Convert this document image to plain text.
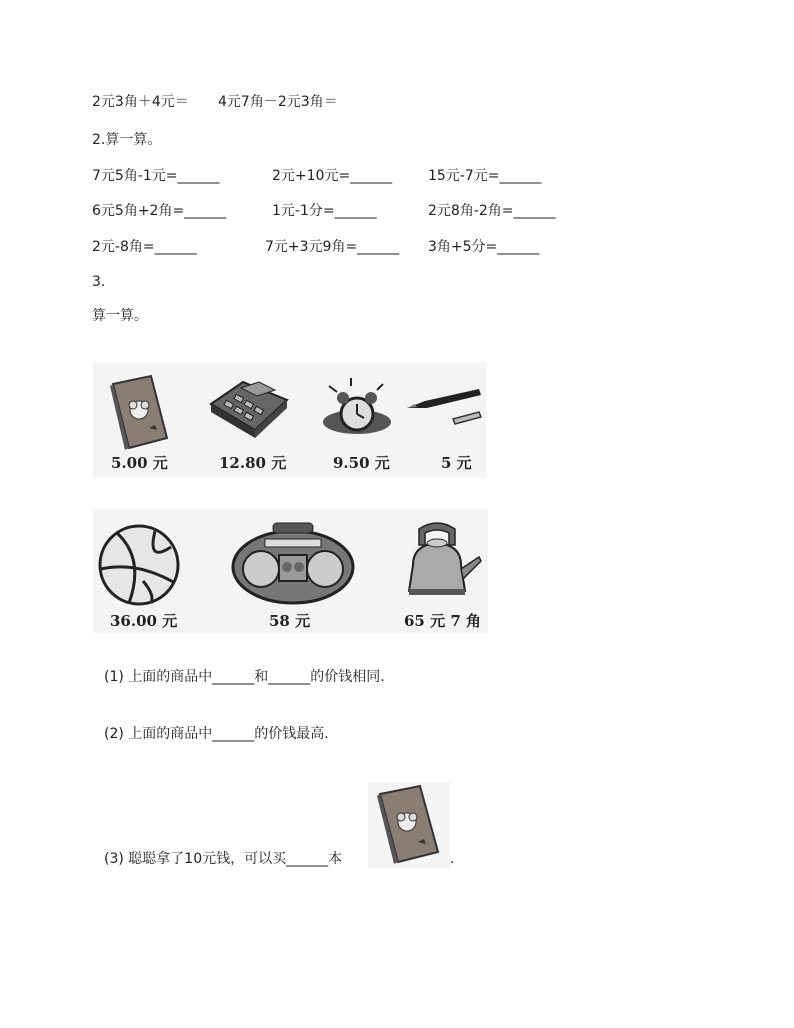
2元3角＋4元＝ 4元7角－2元3角＝
2.算一算。
7元5角-1元=______	2元+10元=______	15元-7元=______
6元5角+2角=______	1元-1分=______	2元8角-2角=______
2元-8角=______	7元+3元9角=______ 3角+5分=______
3.
算一算。
5.00 元	12.80 元	9.50 元	5 元
36.00 元	58 元	65 元 7 角
(1) 上面的商品中______和______的价钱相同.
(2) 上面的商品中______的价钱最高.
(3) 聪聪拿了10元钱，可以买______本	.
